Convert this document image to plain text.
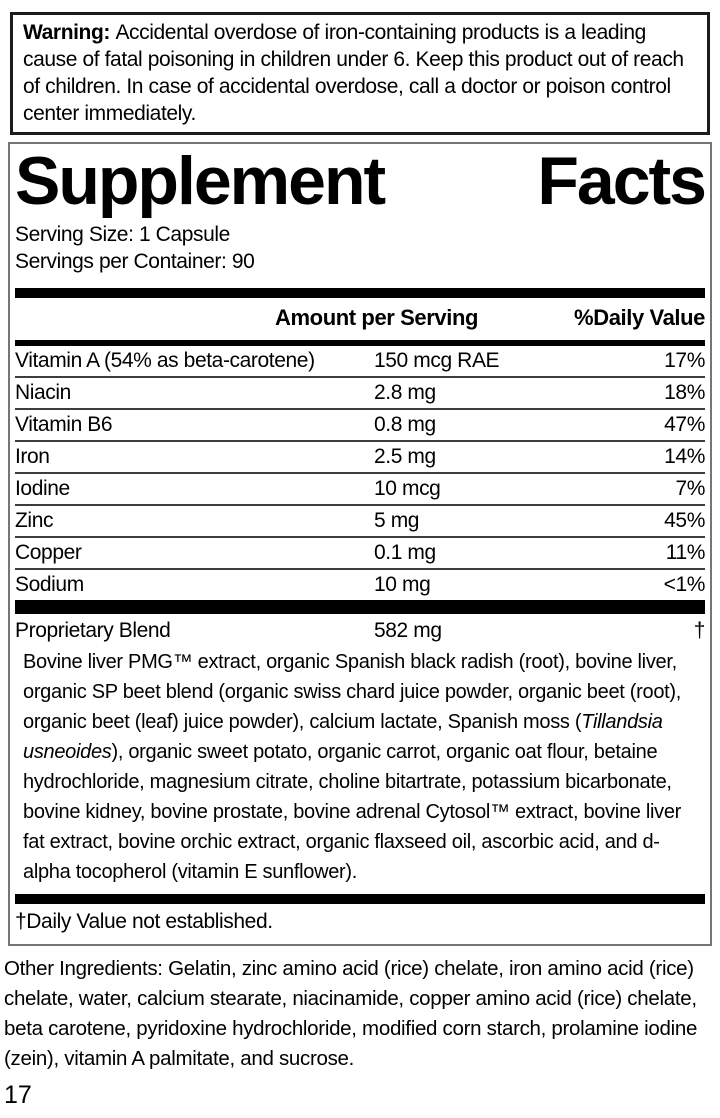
Warning: Accidental overdose of iron-containing products is a leading cause of fatal poisoning in children under 6. Keep this product out of reach of children. In case of accidental overdose, call a doctor or poison control center immediately.

Supplement Facts
Serving Size: 1 Capsule
Servings per Container: 90
Amount per Serving	%Daily Value
Vitamin A (54% as beta-carotene)	150 mcg RAE	17%
Niacin	2.8 mg	18%
Vitamin B6	0.8 mg	47%
Iron	2.5 mg	14%
Iodine	10 mcg	7%
Zinc	5 mg	45%
Copper	0.1 mg	11%
Sodium	10 mg	<1%
Proprietary Blend	582 mg	†

Bovine liver PMG™ extract, organic Spanish black radish (root), bovine liver, organic SP beet blend (organic swiss chard juice powder, organic beet (root), organic beet (leaf) juice powder), calcium lactate, Spanish moss (Tillandsia usneoides), organic sweet potato, organic carrot, organic oat flour, betaine hydrochloride, magnesium citrate, choline bitartrate, potassium bicarbonate, bovine kidney, bovine prostate, bovine adrenal Cytosol™ extract, bovine liver fat extract, bovine orchic extract, organic flaxseed oil, ascorbic acid, and d-alpha tocopherol (vitamin E sunflower).

†Daily Value not established.

Other Ingredients: Gelatin, zinc amino acid (rice) chelate, iron amino acid (rice) chelate, water, calcium stearate, niacinamide, copper amino acid (rice) chelate, beta carotene, pyridoxine hydrochloride, modified corn starch, prolamine iodine (zein), vitamin A palmitate, and sucrose.

17
